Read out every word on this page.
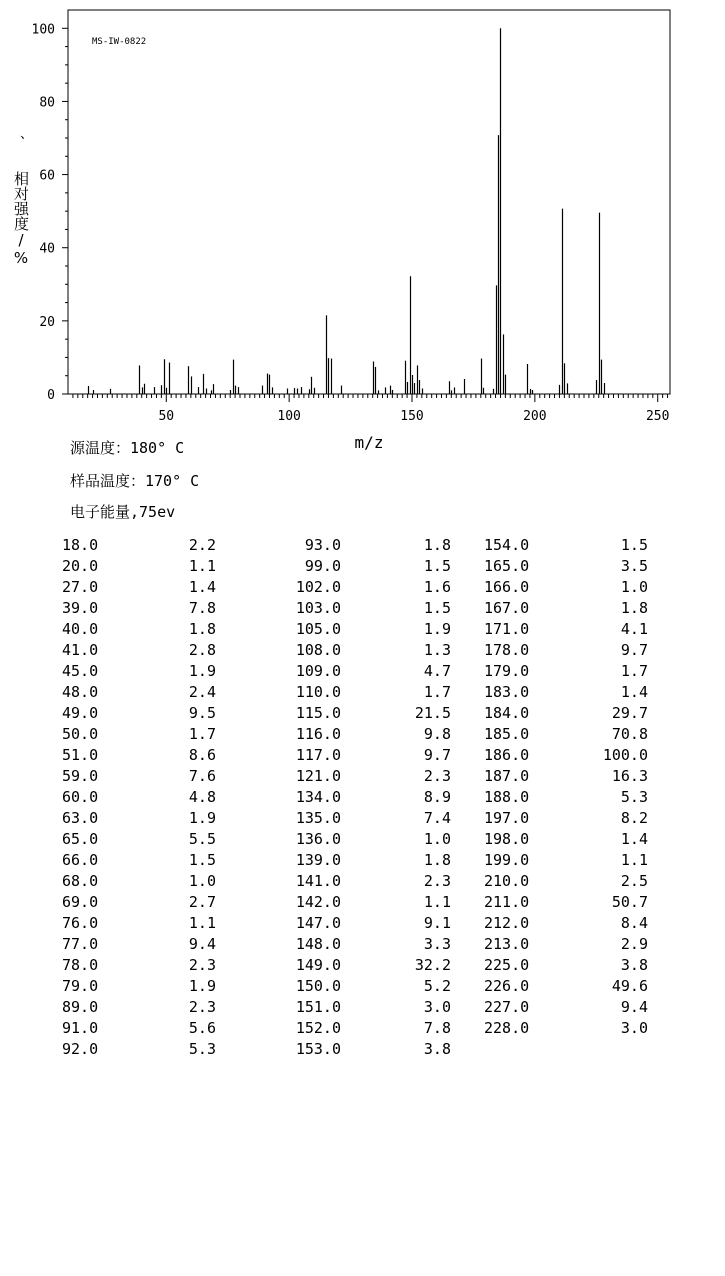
0
20
40
60
80
100
50	100	150	200	250
MS-IW-0822
m/z
、
相对强度/%
源温度：180° C
样品温度：170° C
电子能量,75ev
18.0	2.2
20.0	1.1
27.0	1.4
39.0	7.8
40.0	1.8
41.0	2.8
45.0	1.9
48.0	2.4
49.0	9.5
50.0	1.7
51.0	8.6
59.0	7.6
60.0	4.8
63.0	1.9
65.0	5.5
66.0	1.5
68.0	1.0
69.0	2.7
76.0	1.1
77.0	9.4
78.0	2.3
79.0	1.9
89.0	2.3
91.0	5.6
92.0	5.3
93.0	1.8
99.0	1.5
102.0	1.6
103.0	1.5
105.0	1.9
108.0	1.3
109.0	4.7
110.0	1.7
115.0	21.5
116.0	9.8
117.0	9.7
121.0	2.3
134.0	8.9
135.0	7.4
136.0	1.0
139.0	1.8
141.0	2.3
142.0	1.1
147.0	9.1
148.0	3.3
149.0	32.2
150.0	5.2
151.0	3.0
152.0	7.8
153.0	3.8
154.0	1.5
165.0	3.5
166.0	1.0
167.0	1.8
171.0	4.1
178.0	9.7
179.0	1.7
183.0	1.4
184.0	29.7
185.0	70.8
186.0	100.0
187.0	16.3
188.0	5.3
197.0	8.2
198.0	1.4
199.0	1.1
210.0	2.5
211.0	50.7
212.0	8.4
213.0	2.9
225.0	3.8
226.0	49.6
227.0	9.4
228.0	3.0
